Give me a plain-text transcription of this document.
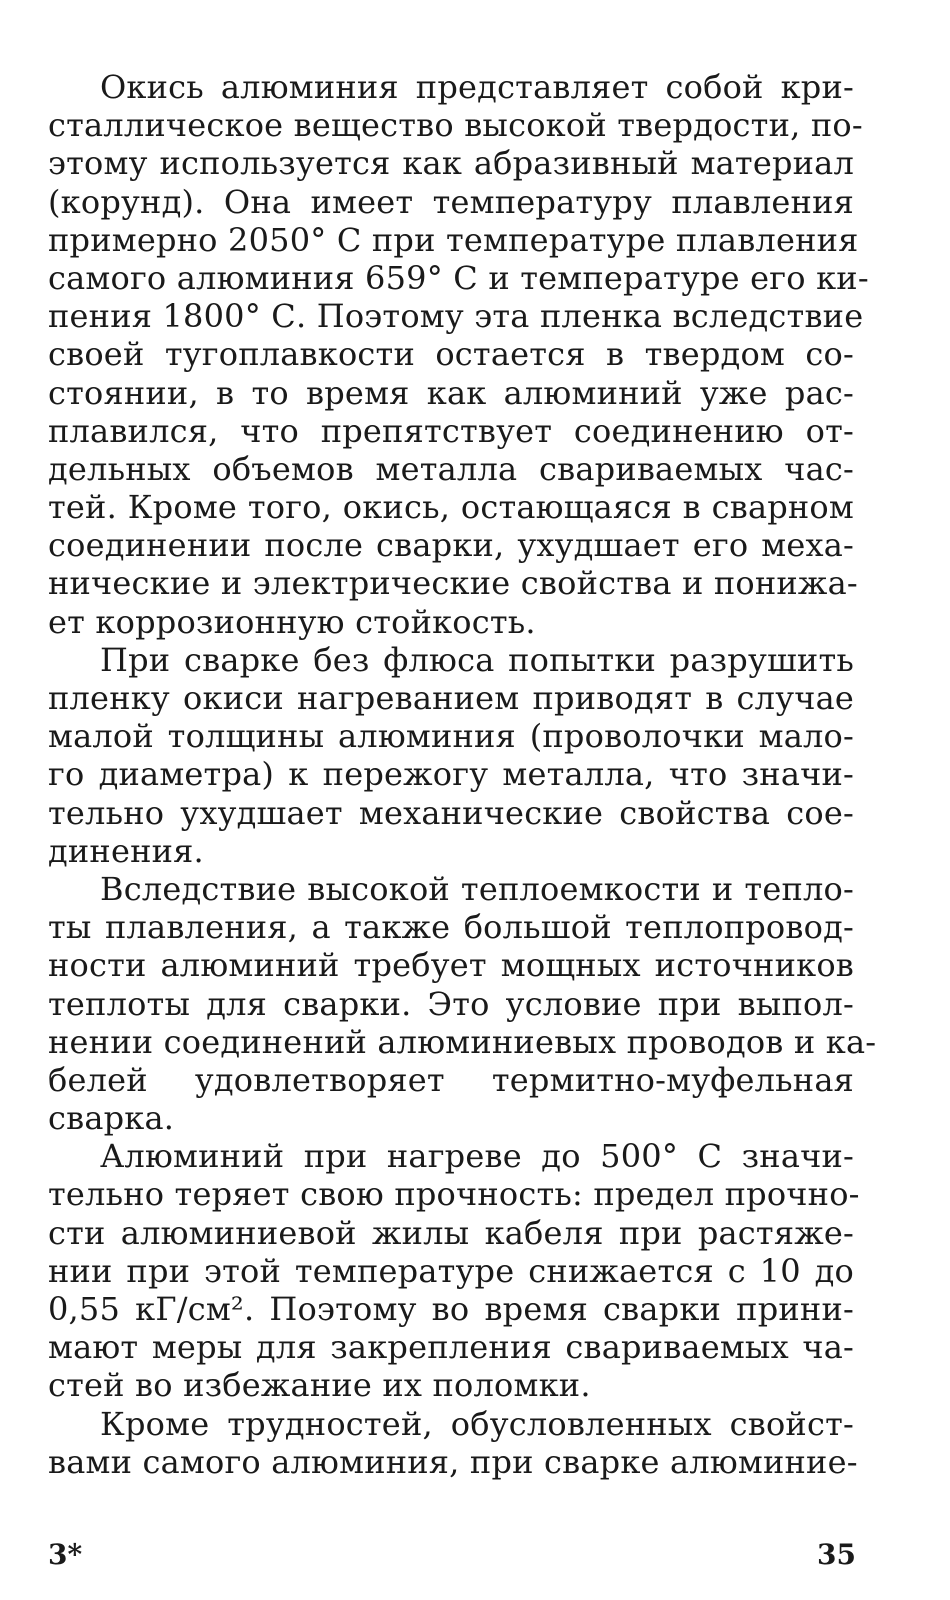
Окись алюминия представляет собой кри-
сталлическое вещество высокой твердости, по-
этому используется как абразивный материал
(корунд). Она имеет температуру плавления
примерно 2050° С при температуре плавления
самого алюминия 659° С и температуре его ки-
пения 1800° С. Поэтому эта пленка вследствие
своей тугоплавкости остается в твердом со-
стоянии, в то время как алюминий уже рас-
плавился, что препятствует соединению от-
дельных объемов металла свариваемых час-
тей. Кроме того, окись, остающаяся в сварном
соединении после сварки, ухудшает его меха-
нические и электрические свойства и понижа-
ет коррозионную стойкость.
При сварке без флюса попытки разрушить
пленку окиси нагреванием приводят в случае
малой толщины алюминия (проволочки мало-
го диаметра) к пережогу металла, что значи-
тельно ухудшает механические свойства сое-
динения.
Вследствие высокой теплоемкости и тепло-
ты плавления, а также большой теплопровод-
ности алюминий требует мощных источников
теплоты для сварки. Это условие при выпол-
нении соединений алюминиевых проводов и ка-
белей удовлетворяет термитно-муфельная
сварка.
Алюминий при нагреве до 500° С значи-
тельно теряет свою прочность: предел прочно-
сти алюминиевой жилы кабеля при растяже-
нии при этой температуре снижается с 10 до
0,55 кГ/см². Поэтому во время сварки прини-
мают меры для закрепления свариваемых ча-
стей во избежание их поломки.
Кроме трудностей, обусловленных свойст-
вами самого алюминия, при сварке алюминие-
3*	35
